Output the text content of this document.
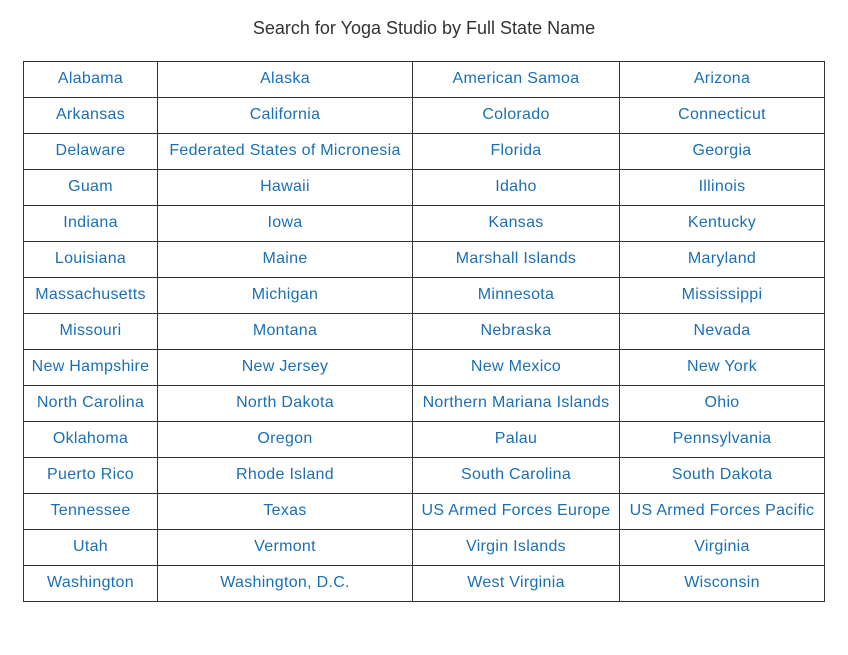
Search for Yoga Studio by Full State Name
Alabama	Alaska	American Samoa	Arizona
Arkansas	California	Colorado	Connecticut
Delaware	Federated States of Micronesia	Florida	Georgia
Guam	Hawaii	Idaho	Illinois
Indiana	Iowa	Kansas	Kentucky
Louisiana	Maine	Marshall Islands	Maryland
Massachusetts	Michigan	Minnesota	Mississippi
Missouri	Montana	Nebraska	Nevada
New Hampshire	New Jersey	New Mexico	New York
North Carolina	North Dakota	Northern Mariana Islands	Ohio
Oklahoma	Oregon	Palau	Pennsylvania
Puerto Rico	Rhode Island	South Carolina	South Dakota
Tennessee	Texas	US Armed Forces Europe	US Armed Forces Pacific
Utah	Vermont	Virgin Islands	Virginia
Washington	Washington, D.C.	West Virginia	Wisconsin
